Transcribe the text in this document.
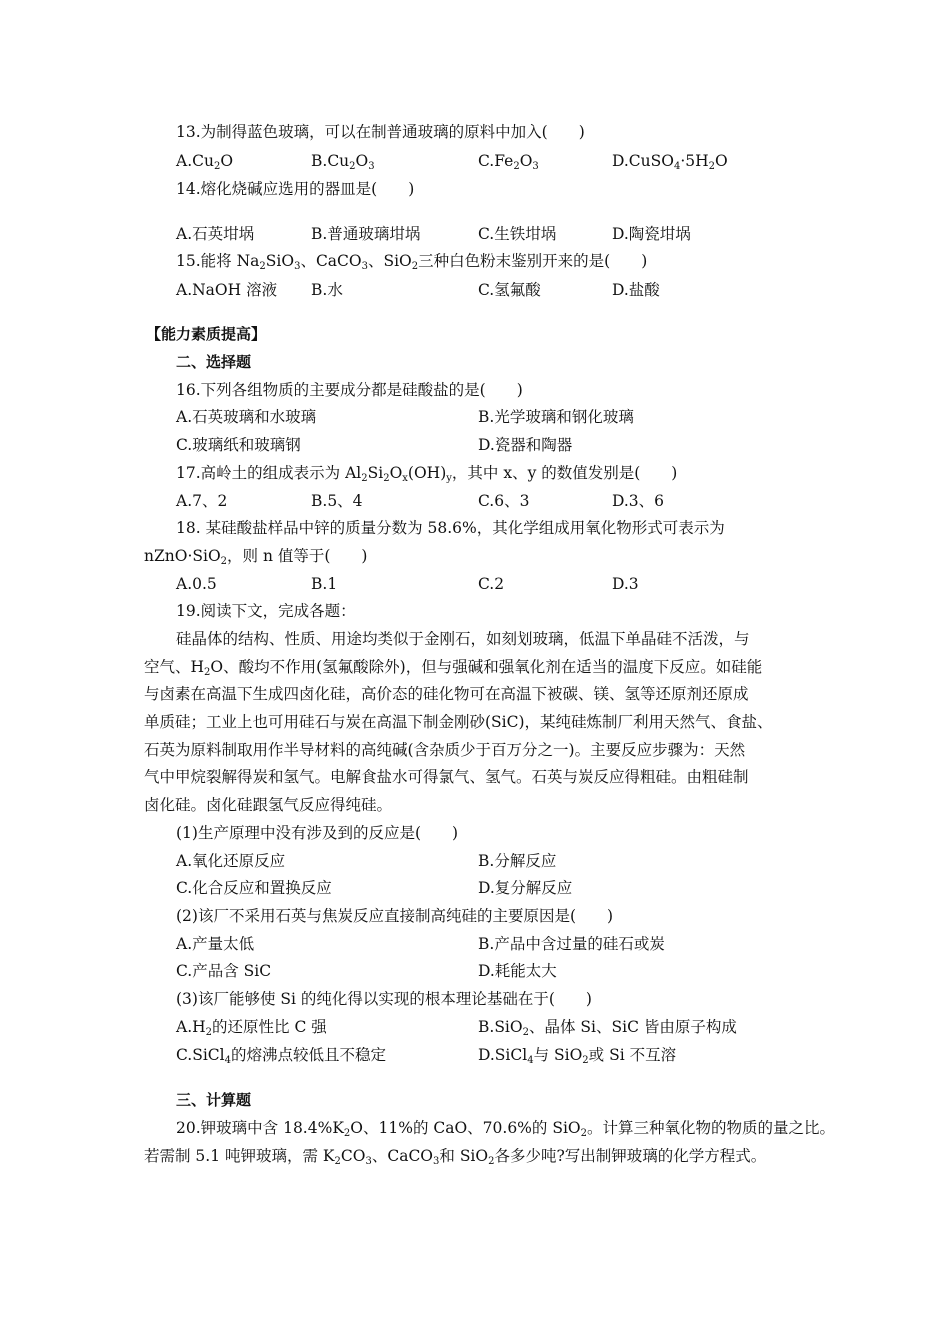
13.为制得蓝色玻璃，可以在制普通玻璃的原料中加入(　　)
$A.Cu_2O$	$B.Cu_2O_3$	$C.Fe_2O_3$	$D.CuSO_4\cdot 5H_2O$
14.熔化烧碱应选用的器皿是(　　)
A.石英坩埚	B.普通玻璃坩埚	C.生铁坩埚	D.陶瓷坩埚
15.能将 $Na_2SiO_3$、CaCO$_3$、SiO$_2$三种白色粉末鉴别开来的是(　　)
A.NaOH 溶液 B.水	C.氢氟酸	D.盐酸
【能力素质提高】
二、选择题
16.下列各组物质的主要成分都是硅酸盐的是(　　)
A.石英玻璃和水玻璃	B.光学玻璃和钢化玻璃
C.玻璃纸和玻璃钢	D.瓷器和陶器
17.高岭土的组成表示为 $Al_2Si_2O_x(OH)_y$，其中 x、y 的数值发别是(　　)
A.7、2	B.5、4	C.6、3	D.3、6
18. 某硅酸盐样品中锌的质量分数为 58.6%，其化学组成用氧化物形式可表示为
nZnO·SiO$_2$，则 n 值等于(　　)
A.0.5	B.1	C.2	D.3
19.阅读下文，完成各题：
硅晶体的结构、性质、用途均类似于金刚石，如刻划玻璃，低温下单晶硅不活泼，与
空气、$H_2O$、酸均不作用(氢氟酸除外)，但与强碱和强氧化剂在适当的温度下反应。如硅能
与卤素在高温下生成四卤化硅，高价态的硅化物可在高温下被碳、镁、氢等还原剂还原成
单质硅；工业上也可用硅石与炭在高温下制金刚砂(SiC)，某纯硅炼制厂利用天然气、食盐、
石英为原料制取用作半导材料的高纯碱(含杂质少于百万分之一)。主要反应步骤为：天然
气中甲烷裂解得炭和氢气。电解食盐水可得氯气、氢气。石英与炭反应得粗硅。由粗硅制
卤化硅。卤化硅跟氢气反应得纯硅。
(1)生产原理中没有涉及到的反应是(　　)
A.氧化还原反应	B.分解反应
C.化合反应和置换反应	D.复分解反应
(2)该厂不采用石英与焦炭反应直接制高纯硅的主要原因是(　　)
A.产量太低	B.产品中含过量的硅石或炭
C.产品含 SiC	D.耗能太大
(3)该厂能够使 Si 的纯化得以实现的根本理论基础在于(　　)
$A.H_2$的还原性比 C 强	B.SiO$_2$、晶体 Si、SiC 皆由原子构成
C.SiCl$_4$的熔沸点较低且不稳定	D.SiCl$_4$与 SiO$_2$或 Si 不互溶
三、计算题
20.钾玻璃中含 $18.4\%K_2O$、11%的 CaO、70.6%的 SiO$_2$。计算三种氧化物的物质的量之比。
若需制 5.1 吨钾玻璃，需 $K_2CO_3$、CaCO$_3$和 SiO$_2$各多少吨?写出制钾玻璃的化学方程式。
